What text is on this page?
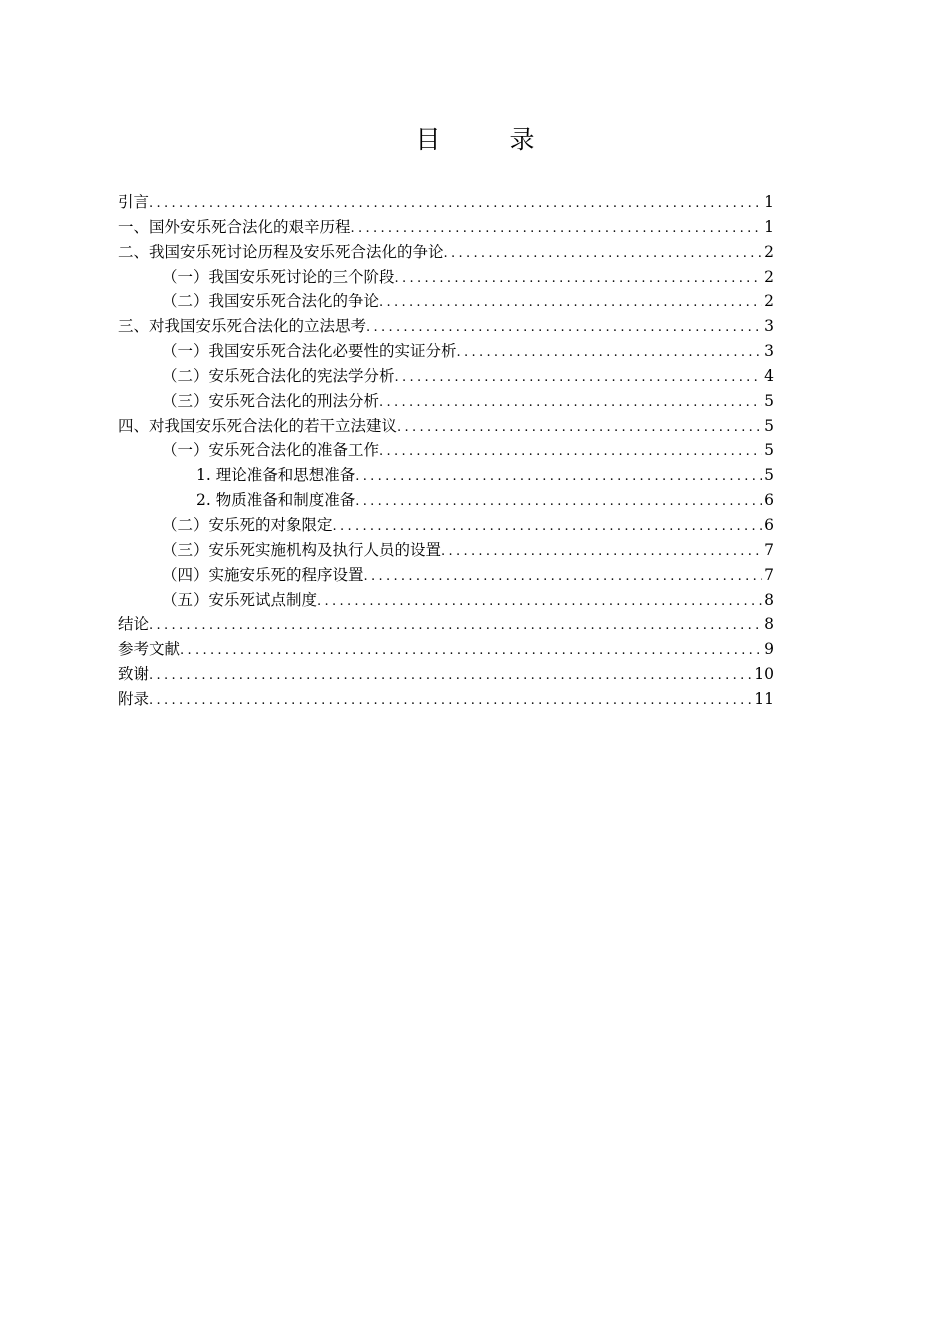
目　录
引言 .....	1
一、国外安乐死合法化的艰辛历程 .....	1
二、我国安乐死讨论历程及安乐死合法化的争论 .....	2
（一）我国安乐死讨论的三个阶段 .....	2
（二）我国安乐死合法化的争论 .....	2
三、对我国安乐死合法化的立法思考 .....	3
（一）我国安乐死合法化必要性的实证分析 .....	3
（二）安乐死合法化的宪法学分析 .....	4
（三）安乐死合法化的刑法分析 .....	5
四、对我国安乐死合法化的若干立法建议 .....	5
（一）安乐死合法化的准备工作 .....	5
1. 理论准备和思想准备 .....	5
2. 物质准备和制度准备 .....	6
（二）安乐死的对象限定 .....	6
（三）安乐死实施机构及执行人员的设置 .....	7
（四）实施安乐死的程序设置 .....	7
（五）安乐死试点制度 .....	8
结论 .....	8
参考文献 .....	9
致谢 .....	10
附录 .....	11
